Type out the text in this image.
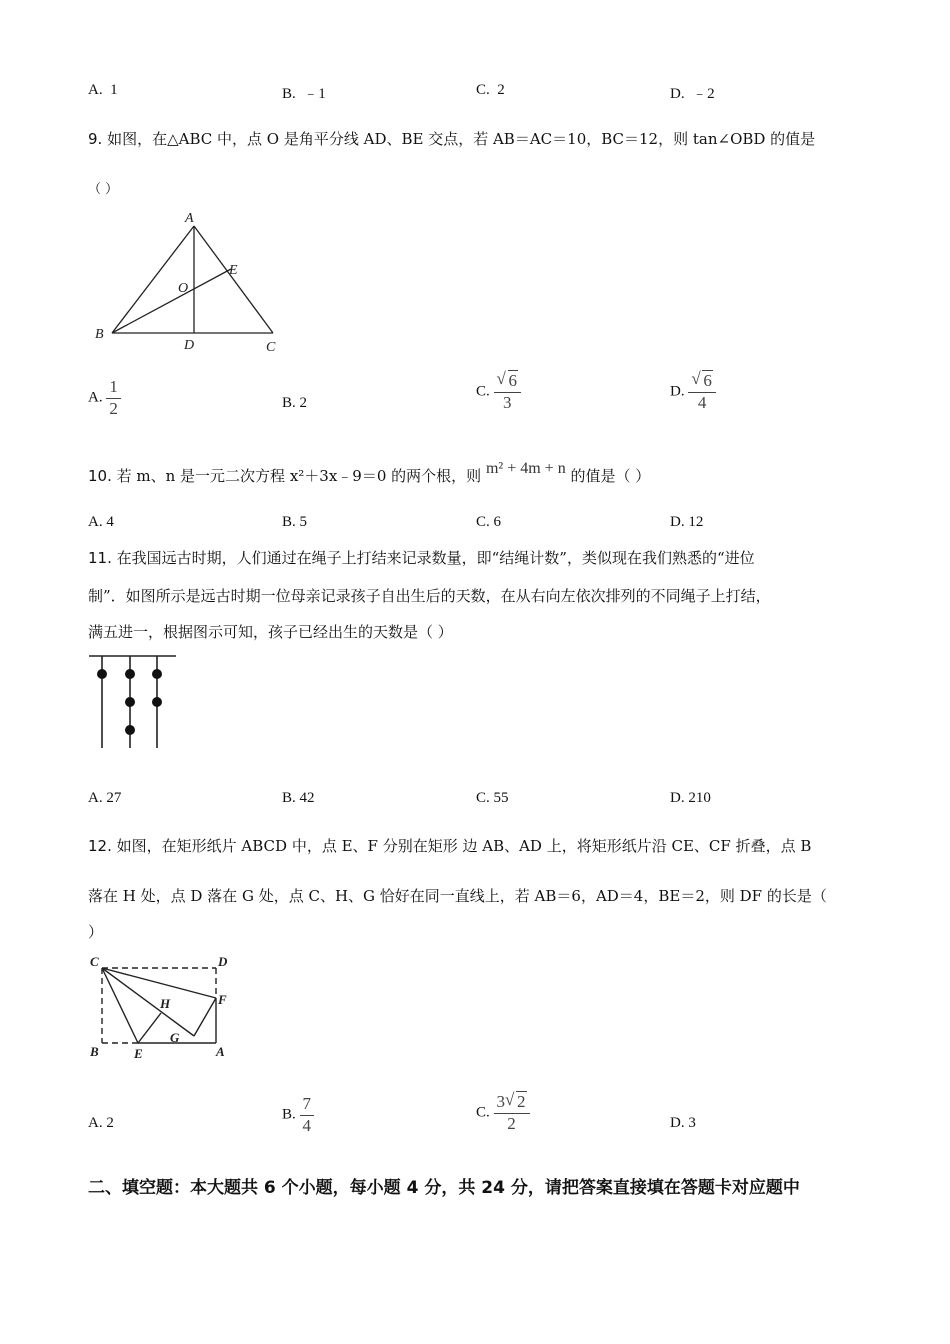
A. 1	B. ﹣1	C. 2	D. ﹣2
9. 如图，在△ABC 中，点 O 是角平分线 AD、BE 交点，若 AB＝AC＝10，BC＝12，则 tan∠OBD 的值是
（ ）
A
B
C
D
E
O
A. $\frac{1}{2}$	B. 2
C. $\frac{√ 6}{3}$	D. $\frac{√ 6}{4}$
10. 若 m、n 是一元二次方程 x²＋3x﹣9＝0 的两个根，则 m² + 4m + n 的值是（ ）
A. 4	B. 5	C. 6	D. 12
11. 在我国远古时期，人们通过在绳子上打结来记录数量，即“结绳计数”，类似现在我们熟悉的“进位
制”．如图所示是远古时期一位母亲记录孩子自出生后的天数，在从右向左依次排列的不同绳子上打结，
满五进一，根据图示可知，孩子已经出生的天数是（ ）
A. 27	B. 42	C. 55	D. 210
12. 如图，在矩形纸片 ABCD 中，点 E、F 分别在矩形 边 AB、AD 上，将矩形纸片沿 CE、CF 折叠，点 B
落在 H 处，点 D 落在 G 处，点 C、H、G 恰好在同一直线上，若 AB＝6，AD＝4，BE＝2，则 DF 的长是（
）
C	D
B	E	A
F
H
G
A. 2
B. $\frac{7}{4}$	C. $\frac{3 √ 2}{2}$	D. 3
二、填空题：本大题共 6 个小题，每小题 4 分，共 24 分，请把答案直接填在答题卡对应题中
